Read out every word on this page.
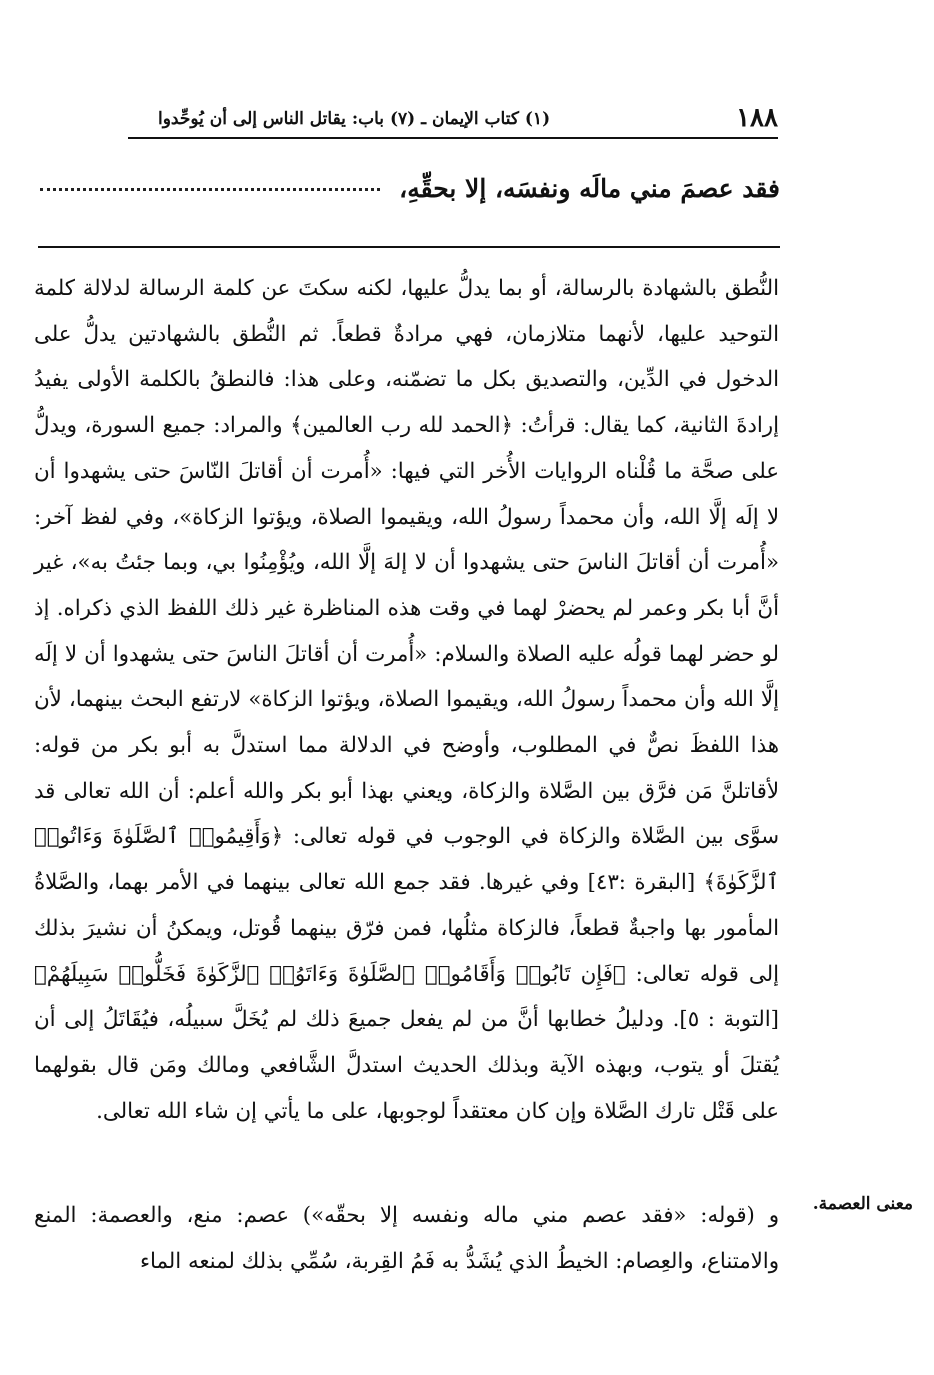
١٨٨
(١) كتاب الإيمان ـ (٧) باب: يقاتل الناس إلى أن يُوحِّدوا
فقد عصمَ مني مالَه ونفسَه، إلا بحقِّهِ،

النُّطق بالشهادة بالرسالة، أو بما يدلُّ عليها، لكنه سكتَ عن كلمة الرسالة لدلالة كلمة التوحيد عليها، لأنهما متلازمان، فهي مرادةٌ قطعاً. ثم النُّطق بالشهادتين يدلُّ على الدخول في الدِّين، والتصديق بكل ما تضمّنه، وعلى هذا: فالنطقُ بالكلمة الأولى يفيدُ إرادةَ الثانية، كما يقال: قرأتُ: ﴿الحمد لله رب العالمين﴾ والمراد: جميع السورة، ويدلُّ على صحَّة ما قُلْناه الروايات الأُخر التي فيها: «أُمرت أن أقاتلَ النّاسَ حتى يشهدوا أن لا إلَه إلَّا الله، وأن محمداً رسولُ الله، ويقيموا الصلاة، ويؤتوا الزكاة»، وفي لفظ آخر: «أُمرت أن أقاتلَ الناسَ حتى يشهدوا أن لا إلهَ إلَّا الله، ويُؤْمِنُوا بي، وبما جئتُ به»، غير أنَّ أبا بكر وعمر لم يحضرْ لهما في وقت هذه المناظرة غير ذلك اللفظ الذي ذكراه. إذ لو حضر لهما قولُه عليه الصلاة والسلام: «أُمرت أن أقاتلَ الناسَ حتى يشهدوا أن لا إلَه إلَّا الله وأن محمداً رسولُ الله، ويقيموا الصلاة، ويؤتوا الزكاة» لارتفع البحث بينهما، لأن هذا اللفظَ نصٌّ في المطلوب، وأوضح في الدلالة مما استدلَّ به أبو بكر من قوله: لأقاتلنَّ مَن فرَّق بين الصَّلاة والزكاة، ويعني بهذا أبو بكر والله أعلم: أن الله تعالى قد سوَّى بين الصَّلاة والزكاة في الوجوب في قوله تعالى: ﴿وَأَقِيمُوا۟ ٱلصَّلَوٰةَ وَءَاتُوا۟ ٱلزَّكَوٰةَ﴾ [البقرة :٤٣] وفي غيرها. فقد جمع الله تعالى بينهما في الأمر بهما، والصَّلاةُ المأمور بها واجبةٌ قطعاً، فالزكاة مثلُها، فمن فرّق بينهما قُوتل، ويمكنُ أن نشيرَ بذلك إلى قوله تعالى: ﴿فَإِن تَابُوا۟ وَأَقَامُوا۟ ٱلصَّلَوٰةَ وَءَاتَوُا۟ ٱلزَّكَوٰةَ فَخَلُّوا۟ سَبِيلَهُمْ﴾ [التوبة : ٥]. ودليلُ خطابها أنَّ من لم يفعل جميعَ ذلك لم يُخَلَّ سبيلُه، فيُقَاتَلُ إلى أن يُقتلَ أو يتوب، وبهذه الآية وبذلك الحديث استدلَّ الشَّافعي ومالك ومَن قال بقولهما على قَتْل تارك الصَّلاة وإن كان معتقداً لوجوبها، على ما يأتي إن شاء الله تعالى.

معنى العصمة.

و (قوله: «فقد عصم مني ماله ونفسه إلا بحقّه») عصم: منع، والعصمة: المنع والامتناع، والعِصام: الخيطُ الذي يُشَدُّ به فَمُ القِربة، سُمِّي بذلك لمنعه الماء
